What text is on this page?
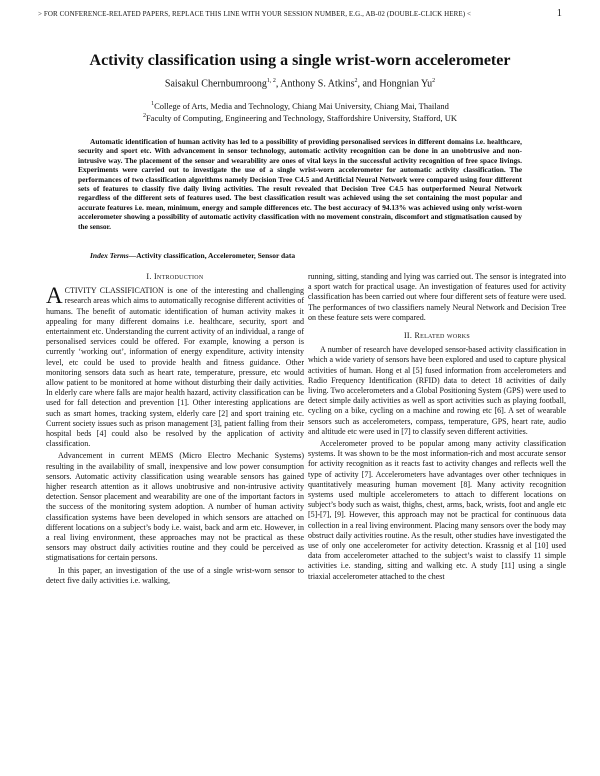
> FOR CONFERENCE-RELATED PAPERS, REPLACE THIS LINE WITH YOUR SESSION NUMBER, E.G., AB-02 (DOUBLE-CLICK HERE) <	1
Activity classification using a single wrist-worn accelerometer
Saisakul Chernbumroong$^{1, 2}$, Anthony S. Atkins$^2$, and Hongnian Yu$^2$
$^1$College of Arts, Media and Technology, Chiang Mai University, Chiang Mai, Thailand
$^2$Faculty of Computing, Engineering and Technology, Staffordshire University, Stafford, UK
Automatic identification of human activity has led to a possibility of providing personalised services in different domains i.e. healthcare, security and sport etc. With advancement in sensor technology, automatic activity recognition can be done in an unobtrusive and non-intrusive way. The placement of the sensor and wearability are ones of vital keys in the successful activity recognition of free space livings. Experiments were carried out to investigate the use of a single wrist-worn accelerometer for automatic activity classification. The performances of two classification algorithms namely Decision Tree C4.5 and Artificial Neural Network were compared using four different sets of features to classify five daily living activities. The result revealed that Decision Tree C4.5 has outperformed Neural Network regardless of the different sets of features used. The best classification result was achieved using the set containing the most popular and accurate features i.e. mean, minimum, energy and sample differences etc. The best accuracy of 94.13% was achieved using only wrist-worn accelerometer showing a possibility of automatic activity classification with no movement constrain, discomfort and stigmatisation caused by the sensor.
Index Terms—Activity classification, Accelerometer, Sensor data
I. Introduction

ACTIVITY CLASSIFICATION is one of the interesting and challenging research areas which aims to automatically recognise different activities of humans. The benefit of automatic identification of human activity makes it appealing for many different domains i.e. healthcare, security, sport and entertainment etc. Understanding the current activity of an individual, a range of personalised services could be offered. For example, knowing a person is currently ‘working out’, information of energy expenditure, activity intensity level, etc could be used to provide health and fitness guidance. Other monitoring sensors data such as heart rate, temperature, pressure, etc would allow patient to be monitored at home without disturbing their daily activities. In elderly care where falls are major health hazard, activity classification can be used for fall detection and prevention [1]. Other interesting applications are such as smart homes, tracking system, elderly care [2] and sport training etc. Current society issues such as prison management [3], patient falling from their hospital beds [4] could also be resolved by the application of activity classification.

Advancement in current MEMS (Micro Electro Mechanic Systems) resulting in the availability of small, inexpensive and low power consumption sensors. Automatic activity classification using wearable sensors has gained higher research attention as it allows unobtrusive and non-intrusive activity detection. Sensor placement and wearability are one of the important factors in the success of the monitoring system adoption. A number of human activity classification systems have been developed in which sensors are attached on different locations on a subject’s body i.e. waist, back and arm etc. However, in a real living environment, these approaches may not be practical as these sensors may obstruct daily activities routine and they could be perceived as stigmatisations for certain persons.

In this paper, an investigation of the use of a single wrist-worn sensor to detect five daily activities i.e. walking,

running, sitting, standing and lying was carried out. The sensor is integrated into a sport watch for practical usage. An investigation of features used for activity classification has been carried out where four different sets of feature were used. The performances of two classifiers namely Neural Network and Decision Tree on these feature sets were compared.

II. Related works

A number of research have developed sensor-based activity classification in which a wide variety of sensors have been explored and used to capture physical activities of human. Hong et al [5] fused information from accelerometers and Radio Frequency Identification (RFID) data to detect 18 activities of daily living. Two accelerometers and a Global Positioning System (GPS) were used to detect simple daily activities as well as sport activities such as playing football, cycling on a bike, cycling on a machine and rowing etc [6]. A set of wearable sensors such as accelerometers, compass, temperature, GPS, heart rate, audio and altitude etc were used in [7] to classify seven different activities.

Accelerometer proved to be popular among many activity classification systems. It was shown to be the most information-rich and most accurate sensor for activity recognition as it reacts fast to activity changes and reflects well the type of activity [7]. Accelerometers have advantages over other techniques in quantitatively measuring human movement [8]. Many activity recognition systems used multiple accelerometers to attach to different locations on subject’s body such as waist, thighs, chest, arms, back, wrists, foot and angle etc [5]-[7], [9]. However, this approach may not be practical for continuous data collection in a real living environment. Placing many sensors over the body may obstruct daily activities routine. As the result, other studies have investigated the use of only one accelerometer for activity detection. Krassnig et al [10] used data from accelerometer attached to the subject’s waist to classify 11 simple activities i.e. standing, sitting and walking etc. A study [11] using a single triaxial accelerometer attached to the chest
